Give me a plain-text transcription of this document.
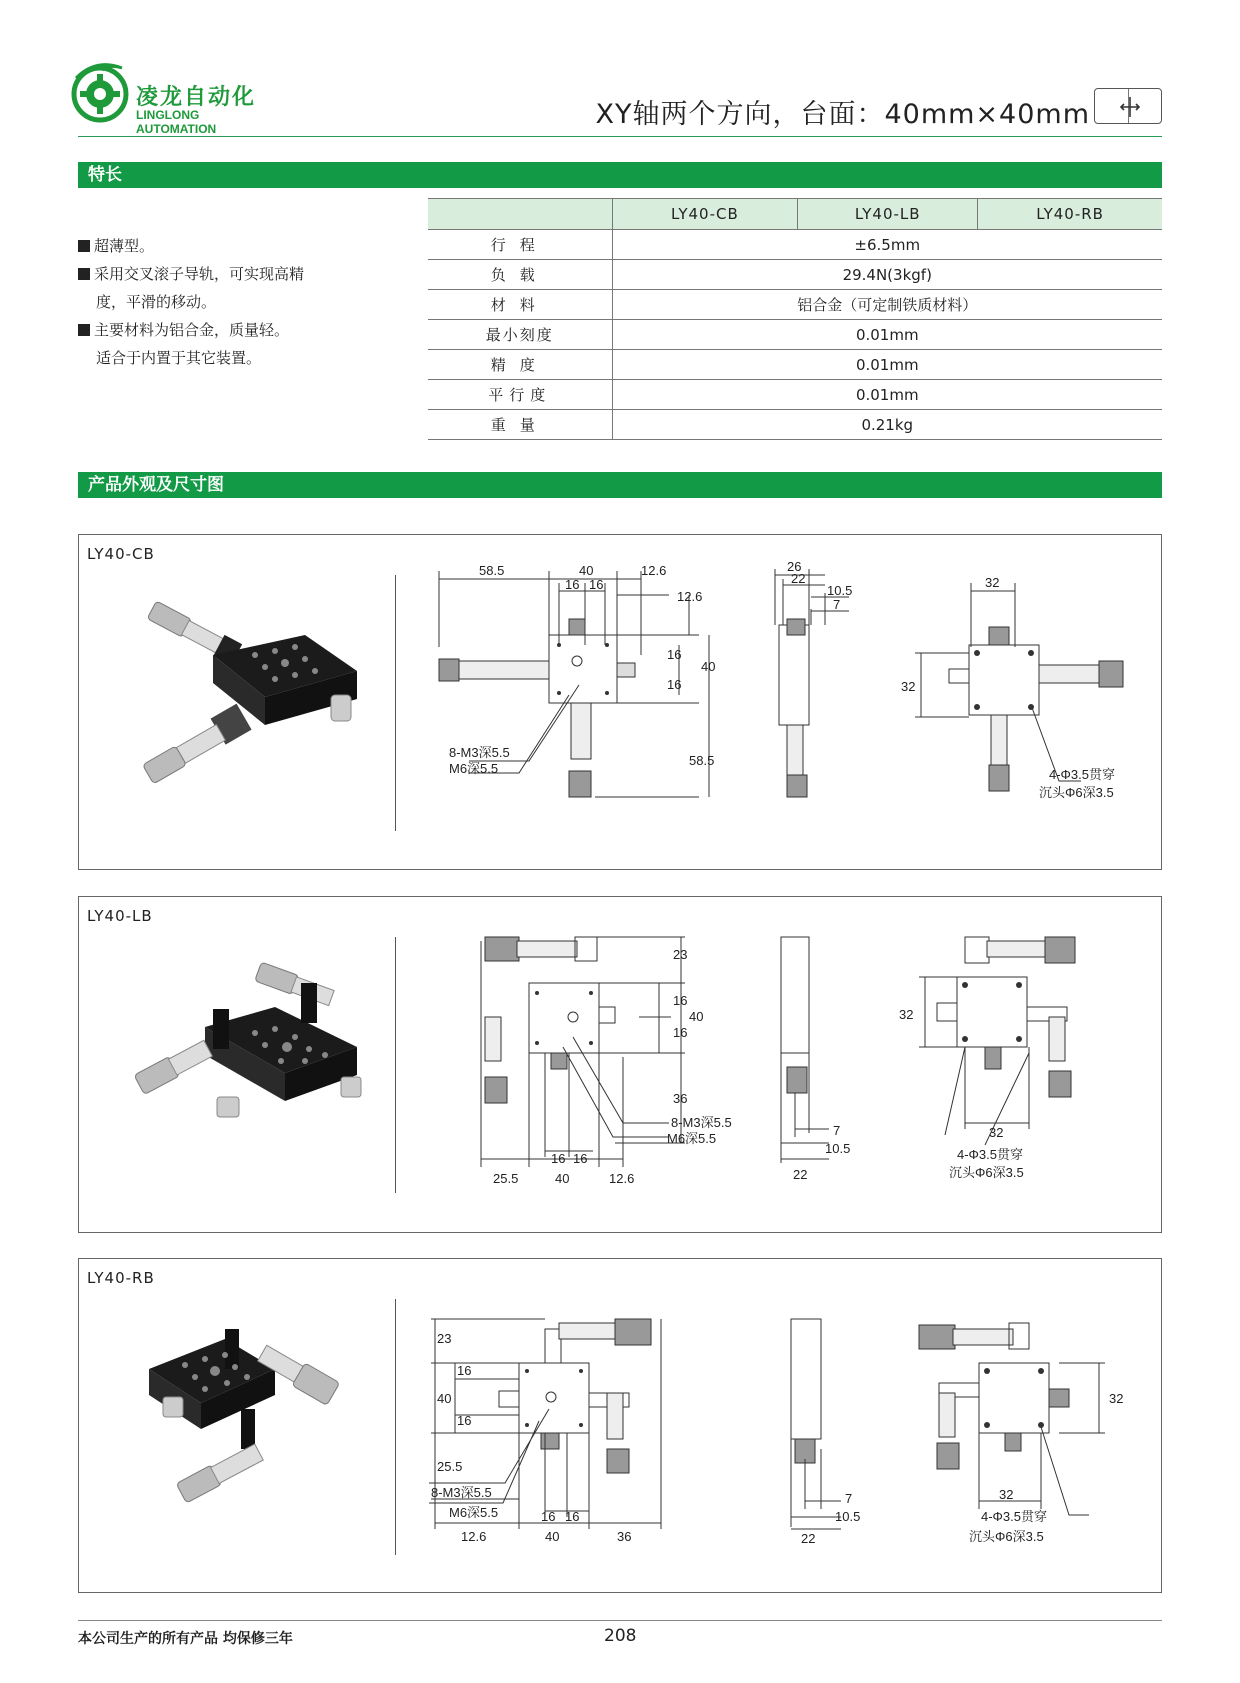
凌龙自动化
LINGLONG AUTOMATION	XY轴两个方向，台面：40mm×40mm
特长
超薄型。
采用交叉滚子导轨，可实现高精
度，平滑的移动。
主要材料为铝合金，质量轻。
适合于内置于其它装置。
	LY40-CB	LY40-LB	LY40-RB
行程	±6.5mm		
负载	29.4N(3kgf)		
材料	铝合金（可定制铁质材料）		
最小刻度	0.01mm		
精度	0.01mm		
平行度	0.01mm		
重量	0.21kg		
产品外观及尺寸图
LY40-CB
58.5	40	12.6
16 16
12.6
16
16
40
58.5
26
22
10.5
7
32
32
8-M3深5.5
M6深5.5	4-Φ3.5贯穿
沉头Φ6深3.5
LY40-LB
23
16
16
40
36
25.5	40	12.6
16 16
7
10.5
22
32
32
8-M3深5.5
M6深5.5
4-Φ3.5贯穿
沉头Φ6深3.5
LY40-RB
23
16
40
16
25.5
12.6	40	36
16 16
7
10.5
22
32
32
8-M3深5.5
M6深5.5	4-Φ3.5贯穿
沉头Φ6深3.5
本公司生产的所有产品 均保修三年	208
